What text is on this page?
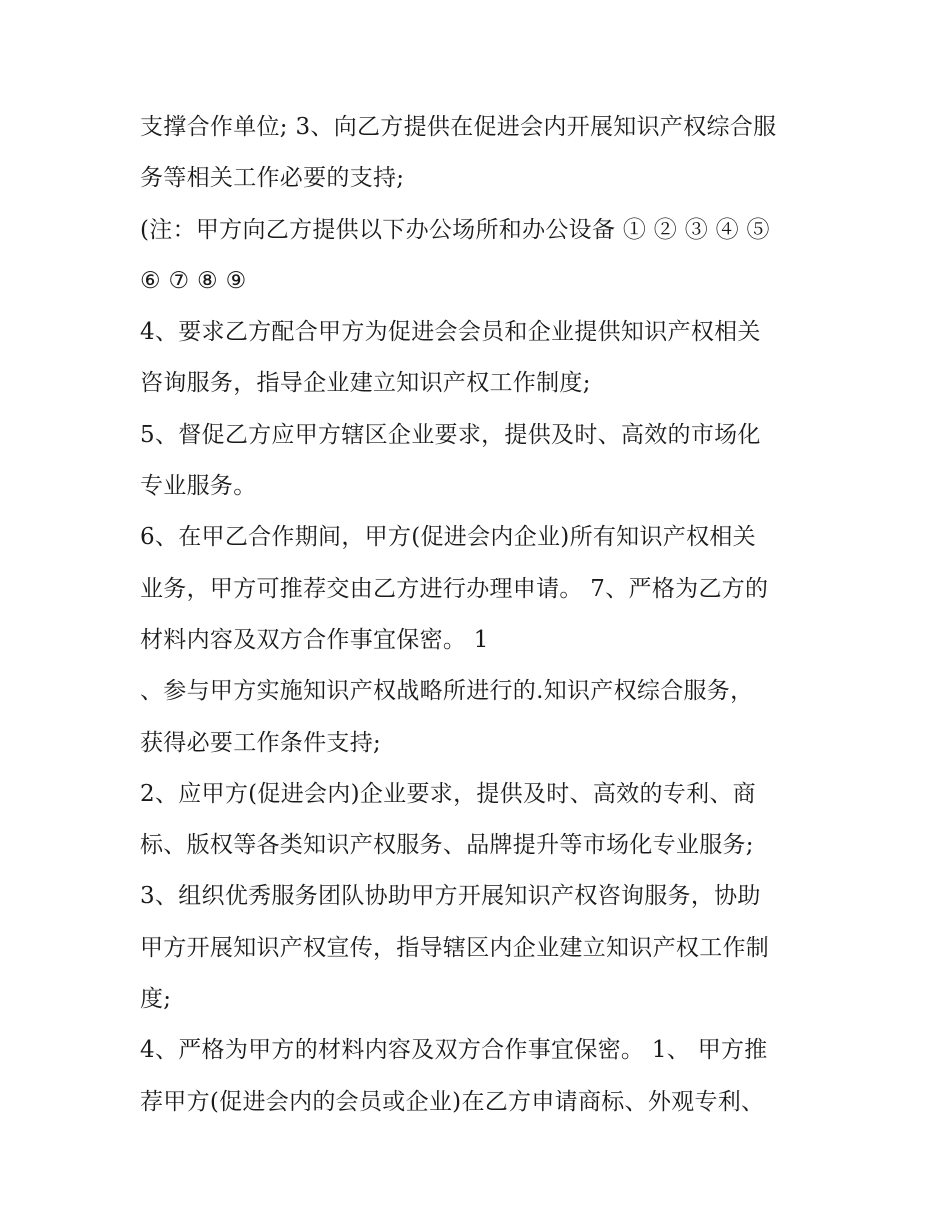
支撑合作单位; 3、向乙方提供在促进会内开展知识产权综合服
务等相关工作必要的支持;
(注：甲方向乙方提供以下办公场所和办公设备 ① ② ③ ④ ⑤
⑥ ⑦ ⑧ ⑨
4、要求乙方配合甲方为促进会会员和企业提供知识产权相关
咨询服务，指导企业建立知识产权工作制度;
5、督促乙方应甲方辖区企业要求，提供及时、高效的市场化
专业服务。
6、在甲乙合作期间，甲方(促进会内企业)所有知识产权相关
业务，甲方可推荐交由乙方进行办理申请。 7、严格为乙方的
材料内容及双方合作事宜保密。 1
、参与甲方实施知识产权战略所进行的.知识产权综合服务，
获得必要工作条件支持;
2、应甲方(促进会内)企业要求，提供及时、高效的专利、商
标、版权等各类知识产权服务、品牌提升等市场化专业服务;
3、组织优秀服务团队协助甲方开展知识产权咨询服务，协助
甲方开展知识产权宣传，指导辖区内企业建立知识产权工作制
度;
4、严格为甲方的材料内容及双方合作事宜保密。 1、 甲方推
荐甲方(促进会内的会员或企业)在乙方申请商标、外观专利、
